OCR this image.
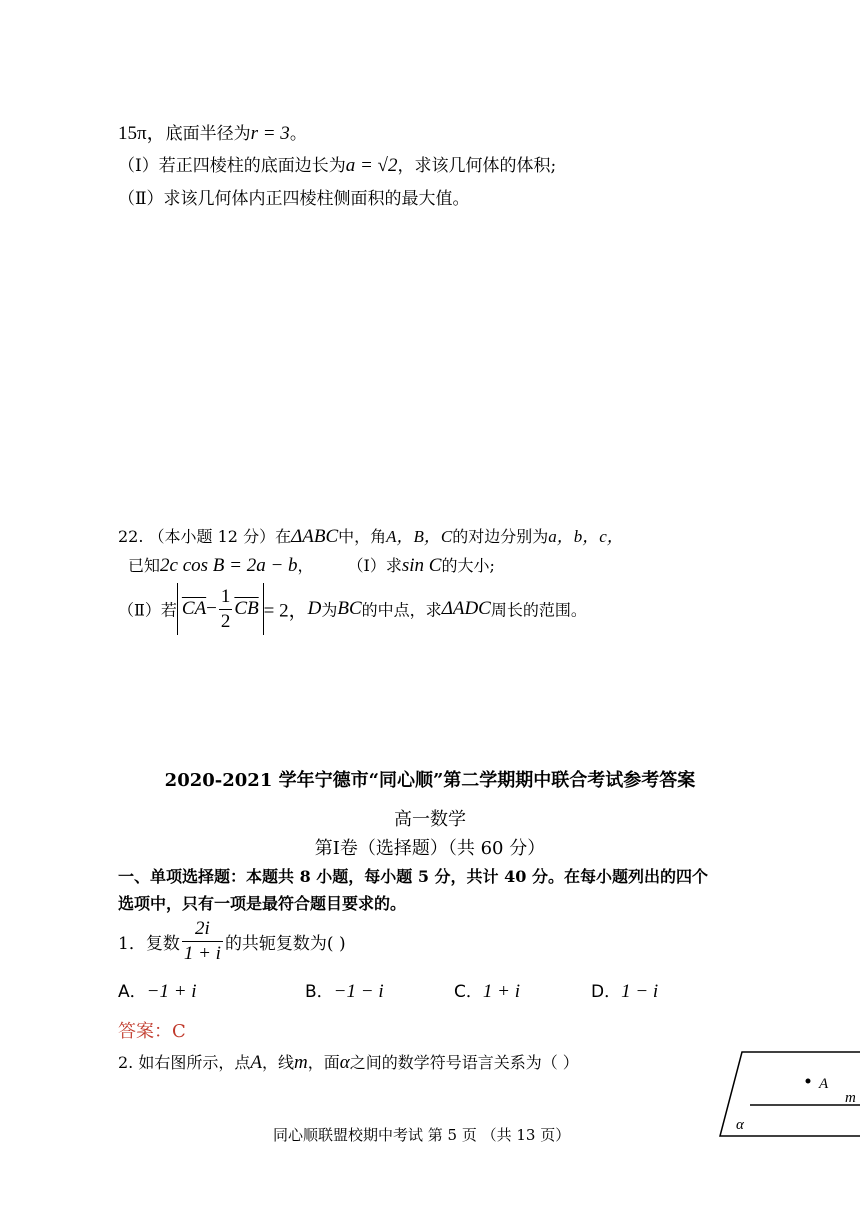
15π，底面半径为r = 3。
（Ⅰ）若正四棱柱的底面边长为a = √2，求该几何体的体积;
（Ⅱ）求该几何体内正四棱柱侧面积的最大值。
22. （本小题 12 分）在ΔABC中，角A，B，C的对边分别为a，b，c，
已知2c cos B = 2a − b， （Ⅰ）求sin C的大小;
（Ⅱ）若 $\overline{CA}- \frac{1}{2} \overline{CB} = 2$，D为BC的中点，求ΔADC周长的范围。
2020-2021 学年宁德市“同心顺”第二学期期中联合考试参考答案
高一数学
第Ⅰ卷（选择题）（共 60 分）
一、单项选择题：本题共 8 小题，每小题 5 分，共计 40 分。在每小题列出的四个
选项中，只有一项是最符合题目要求的。
1．复数 $\frac{2i}{1 + i}$ 的共轭复数为( )
A．−1 + i	B．−1 − i	C．1 + i	D．1 − i
答案：C
2. 如右图所示，点A，线m，面α之间的数学符号语言关系为（ ）
A
m
α
同心顺联盟校期中考试 第 5 页 （共 13 页）
